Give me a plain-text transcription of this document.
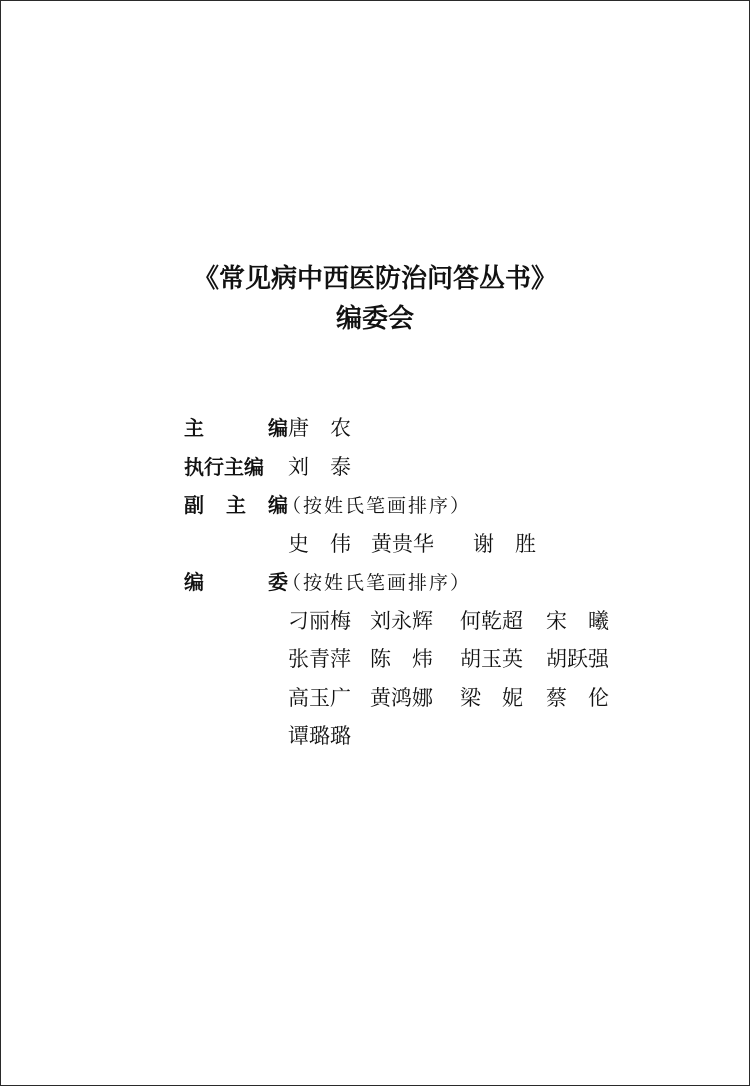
《常见病中西医防治问答丛书》
编委会
主	编 唐 农
执行主编	刘 泰
副 主 编
（按姓氏笔画排序）
史 伟 黄贵华	谢 胜
编	委
（按姓氏笔画排序）
刁丽梅 刘永辉	何乾超	宋　曦
张青萍 陈　炜	胡玉英	胡跃强
高玉广 黄鸿娜	梁　妮	蔡　伦
谭璐璐
